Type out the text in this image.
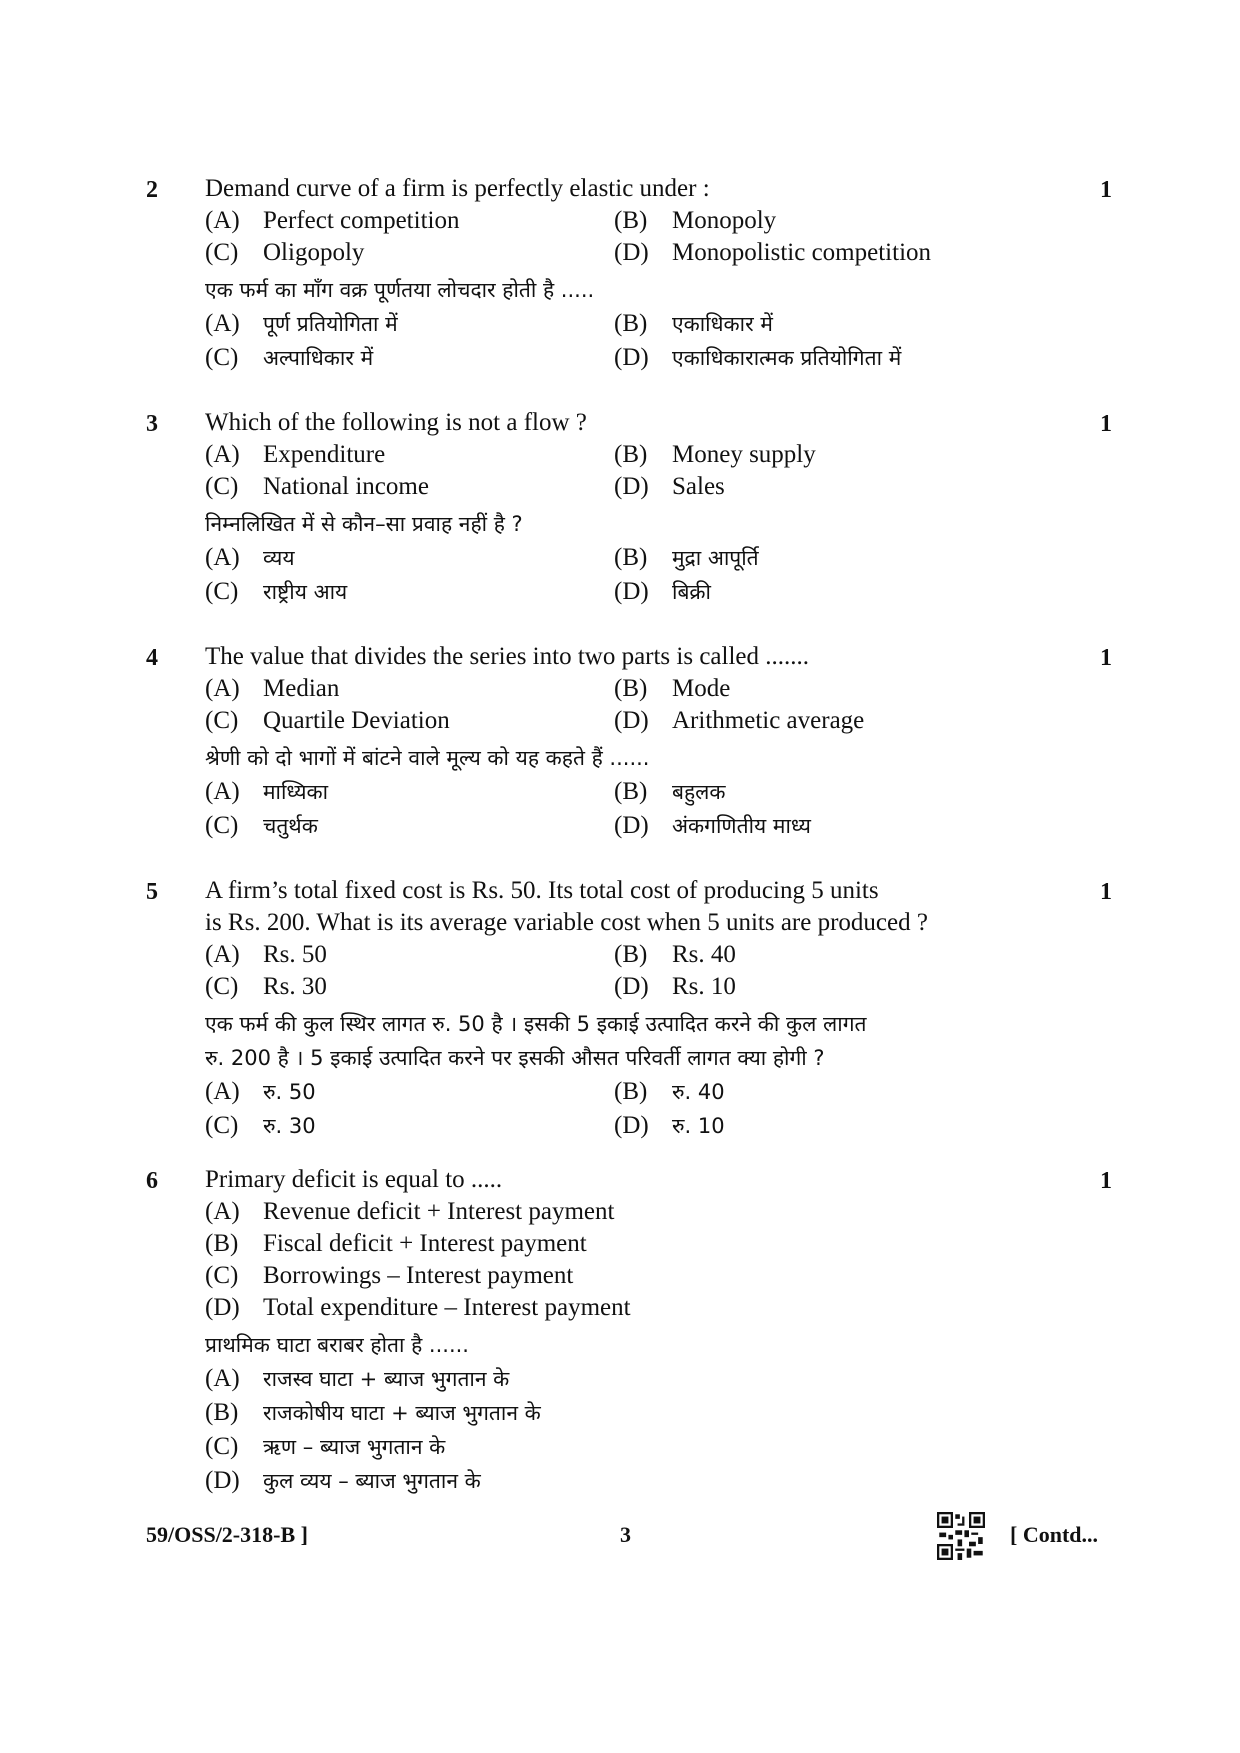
2	1
Demand curve of a firm is perfectly elastic under :
(A) Perfect competition	(B) Monopoly
(C) Oligopoly	(D) Monopolistic competition
एक फर्म का माँग वक्र पूर्णतया लोचदार होती है .....
(A) पूर्ण प्रतियोगिता में	(B) एकाधिकार में
(C) अल्पाधिकार में	(D) एकाधिकारात्मक प्रतियोगिता में
3	1
Which of the following is not a flow ?
(A) Expenditure	(B) Money supply
(C) National income	(D) Sales
निम्नलिखित में से कौन–सा प्रवाह नहीं है ?
(A) व्यय	(B) मुद्रा आपूर्ति
(C) राष्ट्रीय आय	(D) बिक्री
4	1
The value that divides the series into two parts is called .......
(A) Median	(B) Mode
(C) Quartile Deviation	(D) Arithmetic average
श्रेणी को दो भागों में बांटने वाले मूल्य को यह कहते हैं ......
(A) माध्यिका	(B) बहुलक
(C) चतुर्थक	(D) अंकगणितीय माध्य
5	1
A firm’s total fixed cost is Rs. 50. Its total cost of producing 5 units
is Rs. 200. What is its average variable cost when 5 units are produced ?
(A) Rs. 50	(B) Rs. 40
(C) Rs. 30	(D) Rs. 10
एक फर्म की कुल स्थिर लागत रु. 50 है । इसकी 5 इकाई उत्पादित करने की कुल लागत
रु. 200 है । 5 इकाई उत्पादित करने पर इसकी औसत परिवर्ती लागत क्या होगी ?
(A) रु. 50	(B) रु. 40
(C) रु. 30	(D) रु. 10
6	1
Primary deficit is equal to .....
(A) Revenue deficit + Interest payment
(B) Fiscal deficit + Interest payment
(C) Borrowings – Interest payment
(D) Total expenditure – Interest payment
प्राथमिक घाटा बराबर होता है ......
(A) राजस्व घाटा + ब्याज भुगतान के
(B) राजकोषीय घाटा + ब्याज भुगतान के
(C) ऋण – ब्याज भुगतान के
(D) कुल व्यय – ब्याज भुगतान के
59/OSS/2-318-B ]	3	[ Contd...
